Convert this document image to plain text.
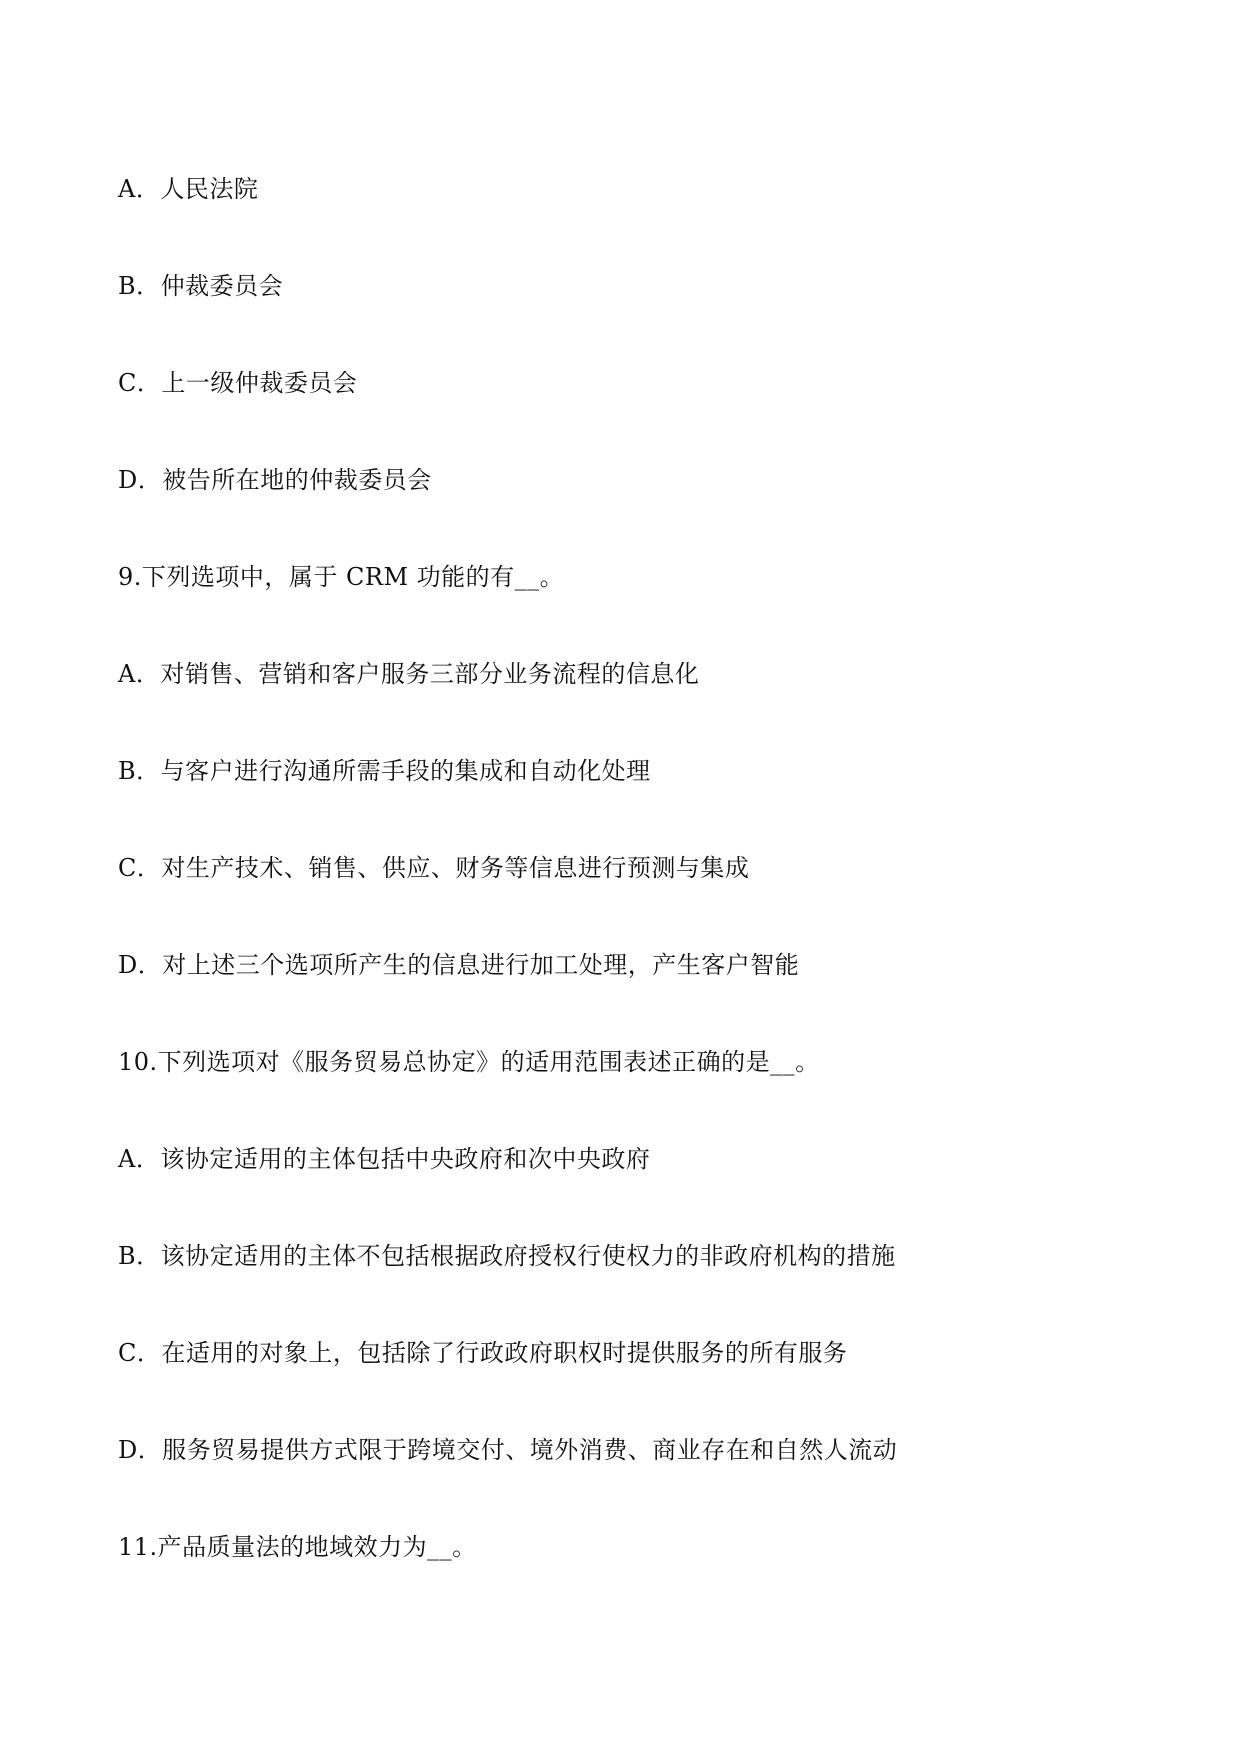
A．人民法院

B．仲裁委员会

C．上一级仲裁委员会

D．被告所在地的仲裁委员会

9.下列选项中，属于 CRM 功能的有__。

A．对销售、营销和客户服务三部分业务流程的信息化

B．与客户进行沟通所需手段的集成和自动化处理

C．对生产技术、销售、供应、财务等信息进行预测与集成

D．对上述三个选项所产生的信息进行加工处理，产生客户智能

10.下列选项对《服务贸易总协定》的适用范围表述正确的是__。

A．该协定适用的主体包括中央政府和次中央政府

B．该协定适用的主体不包括根据政府授权行使权力的非政府机构的措施

C．在适用的对象上，包括除了行政政府职权时提供服务的所有服务

D．服务贸易提供方式限于跨境交付、境外消费、商业存在和自然人流动

11.产品质量法的地域效力为__。
